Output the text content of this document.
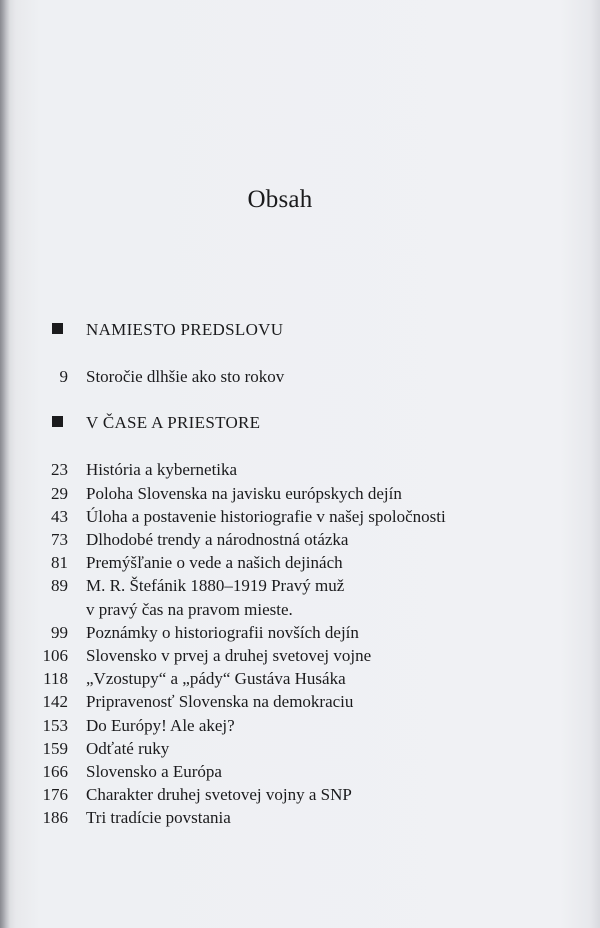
Obsah
NAMIESTO PREDSLOVU
9 Storočie dlhšie ako sto rokov
V ČASE A PRIESTORE
23 História a kybernetika
29 Poloha Slovenska na javisku európskych dejín
43 Úloha a postavenie historiografie v našej spoločnosti
73 Dlhodobé trendy a národnostná otázka
81 Premýšľanie o vede a našich dejinách
89 M. R. Štefánik 1880–1919 Pravý muž
v pravý čas na pravom mieste.
99 Poznámky o historiografii novších dejín
106 Slovensko v prvej a druhej svetovej vojne
118 „Vzostupy“ a „pády“ Gustáva Husáka
142 Pripravenosť Slovenska na demokraciu
153 Do Európy! Ale akej?
159 Odťaté ruky
166 Slovensko a Európa
176 Charakter druhej svetovej vojny a SNP
186 Tri tradície povstania
